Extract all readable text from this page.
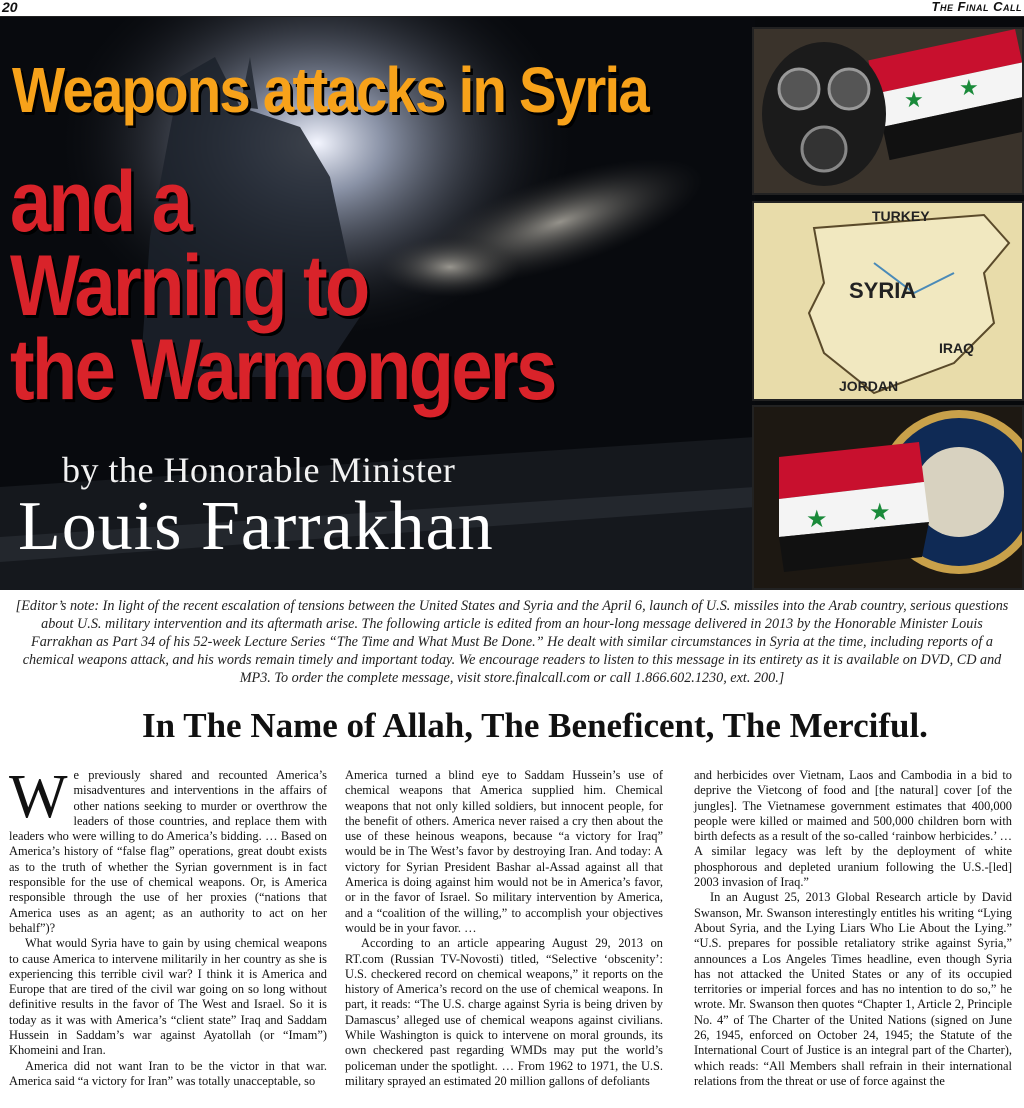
20	The Final Call
Weapons attacks in Syria
and a
Warning to
the Warmongers
by the Honorable Minister
Louis Farrakhan
★ ★
TURKEY
SYRIA
IRAQ
JORDAN
★ ★
[Editor’s note: In light of the recent escalation of tensions between the United States and Syria and the April 6, launch of U.S. missiles into the Arab country, serious questions about U.S. military intervention and its aftermath arise. The following article is edited from an hour-long message delivered in 2013 by the Honorable Minister Louis Farrakhan as Part 34 of his 52-week Lecture Series “The Time and What Must Be Done.” He dealt with similar circumstances in Syria at the time, including reports of a chemical weapons attack, and his words remain timely and important today. We encourage readers to listen to this message in its entirety as it is available on DVD, CD and MP3. To order the complete message, visit store.finalcall.com or call 1.866.602.1230, ext. 200.]
In The Name of Allah, The Beneficent, The Merciful.

We previously shared and recounted America’s misadventures and interventions in the affairs of other nations seeking to murder or overthrow the leaders of those countries, and replace them with leaders who were willing to do America’s bidding. … Based on America’s history of “false flag” operations, great doubt exists as to the truth of whether the Syrian government is in fact responsible for the use of chemical weapons. Or, is America responsible through the use of her proxies (“nations that America uses as an agent; as an authority to act on her behalf”)?

What would Syria have to gain by using chemical weapons to cause America to intervene militarily in her country as she is experiencing this terrible civil war? I think it is America and Europe that are tired of the civil war going on so long without definitive results in the favor of The West and Israel. So it is today as it was with America’s “client state” Iraq and Saddam Hussein in Saddam’s war against Ayatollah (or “Imam”) Khomeini and Iran.

America did not want Iran to be the victor in that war. America said “a victory for Iran” was totally unacceptable, so

America turned a blind eye to Saddam Hussein’s use of chemical weapons that America supplied him. Chemical weapons that not only killed soldiers, but innocent people, for the benefit of others. America never raised a cry then about the use of these heinous weapons, because “a victory for Iraq” would be in The West’s favor by destroying Iran. And today: A victory for Syrian President Bashar al-Assad against all that America is doing against him would not be in America’s favor, or in the favor of Israel. So military intervention by America, and a “coalition of the willing,” to accomplish your objectives would be in your favor. …

According to an article appearing August 29, 2013 on RT.com (Russian TV-Novosti) titled, “Selective ‘obscenity’: U.S. checkered record on chemical weapons,” it reports on the history of America’s record on the use of chemical weapons. In part, it reads: “The U.S. charge against Syria is being driven by Damascus’ alleged use of chemical weapons against civilians. While Washington is quick to intervene on moral grounds, its own checkered past regarding WMDs may put the world’s policeman under the spotlight. … From 1962 to 1971, the U.S. military sprayed an estimated 20 million gallons of defoliants

and herbicides over Vietnam, Laos and Cambodia in a bid to deprive the Vietcong of food and [the natural] cover [of the jungles]. The Vietnamese government estimates that 400,000 people were killed or maimed and 500,000 children born with birth defects as a result of the so-called ‘rainbow herbicides.’ … A similar legacy was left by the deployment of white phosphorous and depleted uranium following the U.S.-[led] 2003 invasion of Iraq.”

In an August 25, 2013 Global Research article by David Swanson, Mr. Swanson interestingly entitles his writing “Lying About Syria, and the Lying Liars Who Lie About the Lying.” “U.S. prepares for possible retaliatory strike against Syria,” announces a Los Angeles Times headline, even though Syria has not attacked the United States or any of its occupied territories or imperial forces and has no intention to do so,” he wrote. Mr. Swanson then quotes “Chapter 1, Article 2, Principle No. 4” of The Charter of the United Nations (signed on June 26, 1945, enforced on October 24, 1945; the Statute of the International Court of Justice is an integral part of the Charter), which reads: “All Members shall refrain in their international relations from the threat or use of force against the
